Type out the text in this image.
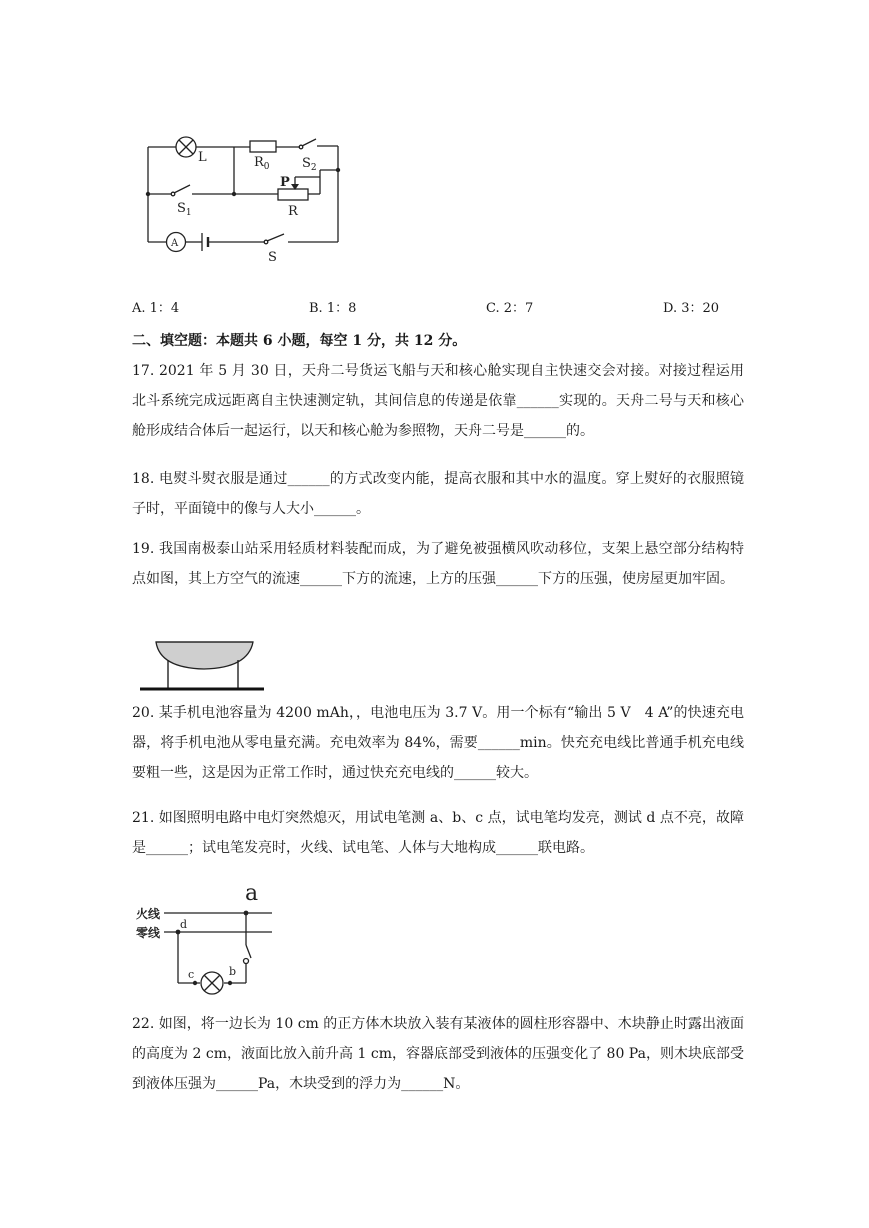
L	$R_0$ $S_2$
P
R
$S_1$
A
S
A. 1：4	B. 1：8	C. 2：7	D. 3：20
二、填空题：本题共 6 小题，每空 1 分，共 12 分。
17. 2021 年 5 月 30 日，天舟二号货运飞船与天和核心舱实现自主快速交会对接。对接过程运用北斗系统完成远距离自主快速测定轨，其间信息的传递是依靠______实现的。天舟二号与天和核心舱形成结合体后一起运行，以天和核心舱为参照物，天舟二号是______的。
18. 电熨斗熨衣服是通过______的方式改变内能，提高衣服和其中水的温度。穿上熨好的衣服照镜子时，平面镜中的像与人大小______。
19. 我国南极泰山站采用轻质材料装配而成，为了避免被强横风吹动移位，支架上悬空部分结构特点如图，其上方空气的流速______下方的流速，上方的压强______下方的压强，使房屋更加牢固。
20. 某手机电池容量为 4200 mAh，，电池电压为 3.7 V。用一个标有“输出 5 V　4 A”的快速充电器，将手机电池从零电量充满。充电效率为 84%，需要______min。快充充电线比普通手机充电线要粗一些，这是因为正常工作时，通过快充充电线的______较大。
21. 如图照明电路中电灯突然熄灭，用试电笔测 a、b、c 点，试电笔均发亮，测试 d 点不亮，故障是______；试电笔发亮时，火线、试电笔、人体与大地构成______联电路。
a
火线
零线
d
c	b
22. 如图，将一边长为 10 cm 的正方体木块放入装有某液体的圆柱形容器中、木块静止时露出液面的高度为 2 cm，液面比放入前升高 1 cm，容器底部受到液体的压强变化了 80 Pa，则木块底部受到液体压强为______Pa，木块受到的浮力为______N。
